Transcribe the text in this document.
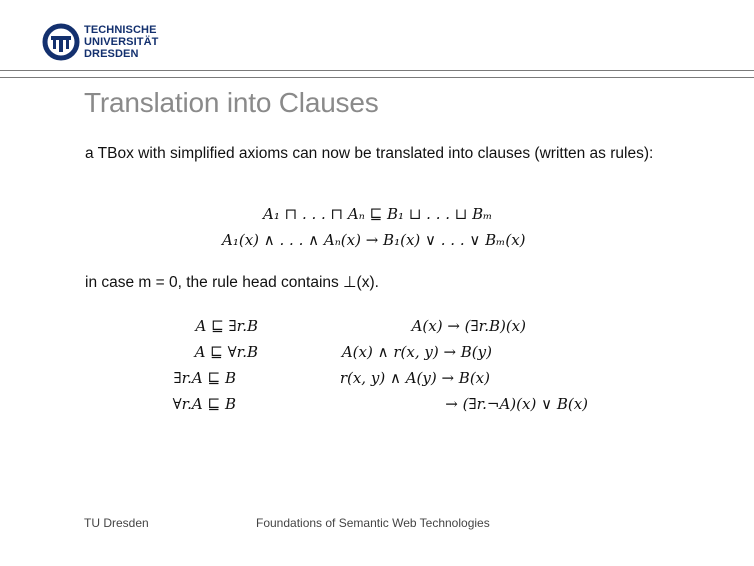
TECHNISCHE
UNIVERSITÄT
DRESDEN
Translation into Clauses
a TBox with simplified axioms can now be translated into clauses (written as rules):
A₁ ⊓ . . . ⊓ Aₙ ⊑ B₁ ⊔ . . . ⊔ Bₘ
A₁(x) ∧ . . . ∧ Aₙ(x) → B₁(x) ∨ . . . ∨ Bₘ(x)
in case m = 0, the rule head contains ⊥(x).
A ⊑ ∃r.B	A(x) → (∃r.B)(x)
A ⊑ ∀r.B	A(x) ∧ r(x, y) → B(y)
∃r.A ⊑ B	r(x, y) ∧ A(y) → B(x)
∀r.A ⊑ B	→ (∃r.¬A)(x) ∨ B(x)
TU Dresden	Foundations of Semantic Web Technologies
